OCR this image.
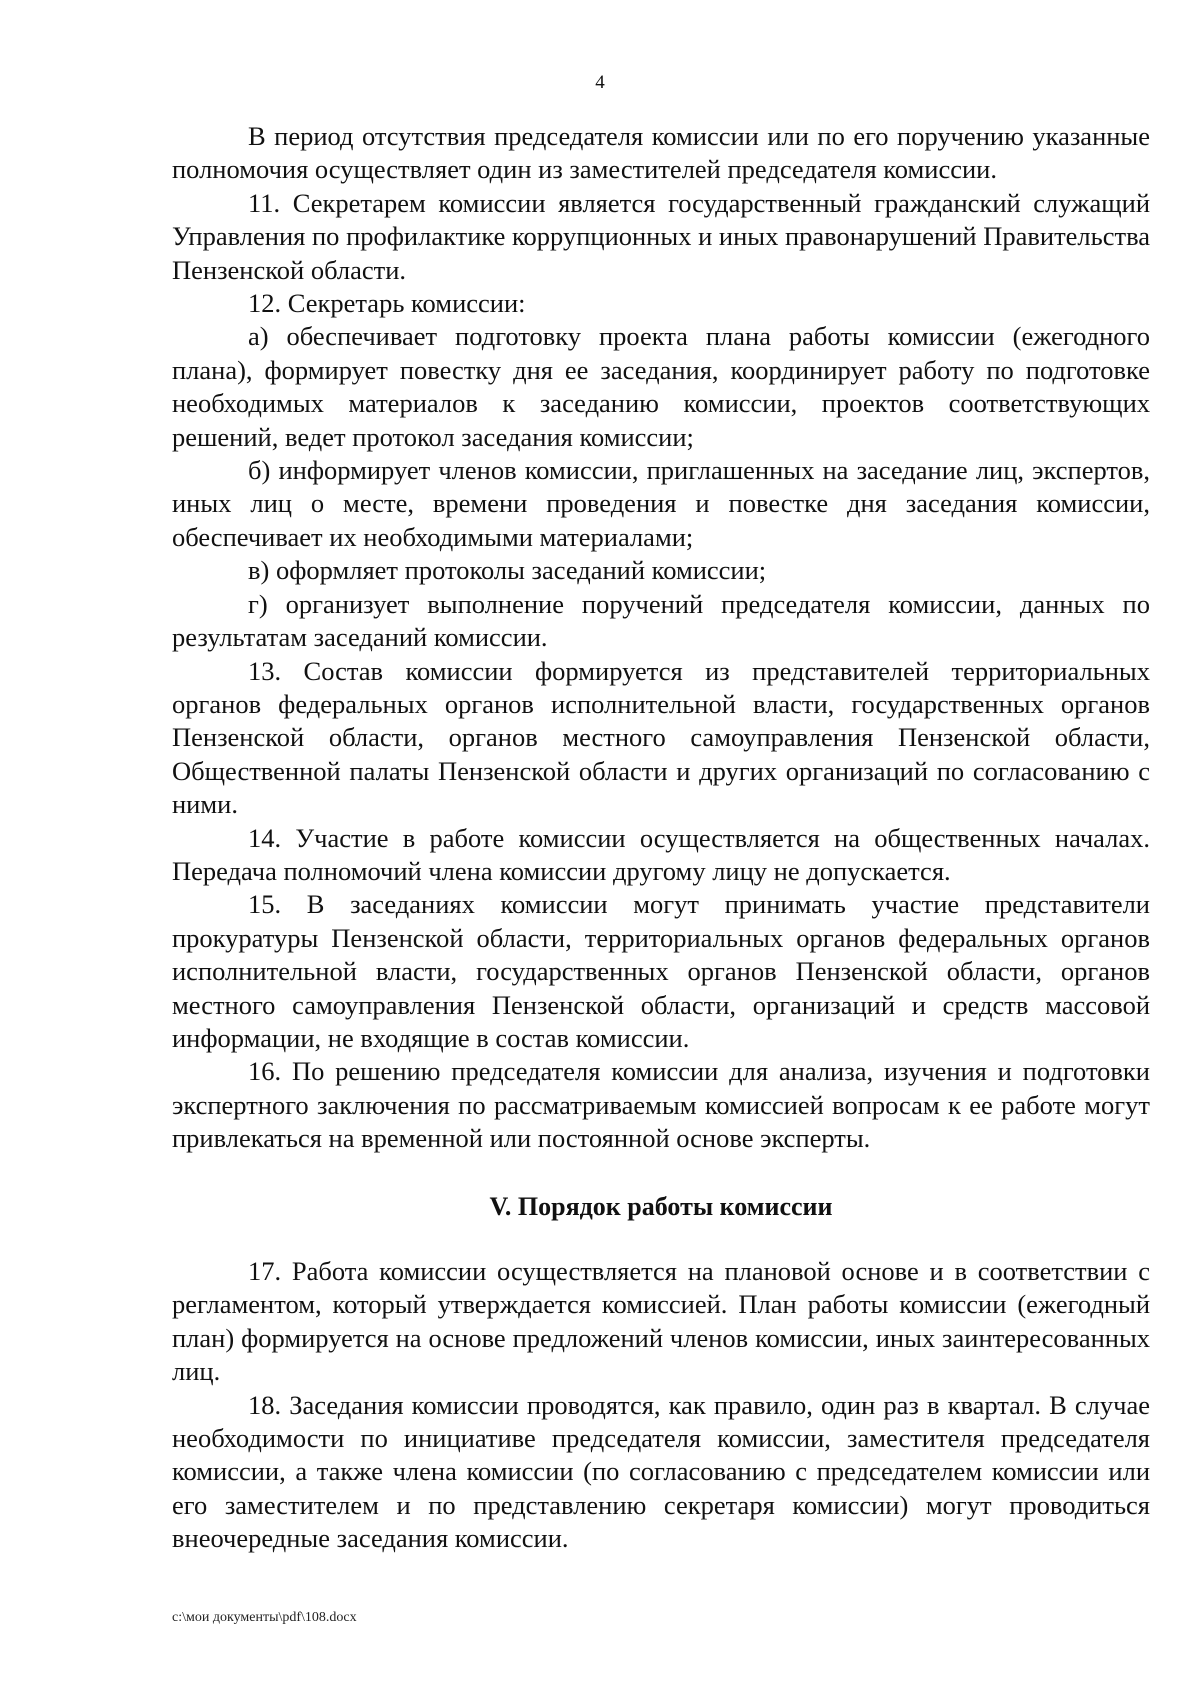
4

В период отсутствия председателя комиссии или по его поручению указанные полномочия осуществляет один из заместителей председателя комиссии.

11. Секретарем комиссии является государственный гражданский служащий Управления по профилактике коррупционных и иных правонарушений Правительства Пензенской области.

12. Секретарь комиссии:

а) обеспечивает подготовку проекта плана работы комиссии (ежегодного плана), формирует повестку дня ее заседания, координирует работу по подготовке необходимых материалов к заседанию комиссии, проектов соответствующих решений, ведет протокол заседания комиссии;

б) информирует членов комиссии, приглашенных на заседание лиц, экспертов, иных лиц о месте, времени проведения и повестке дня заседания комиссии, обеспечивает их необходимыми материалами;

в) оформляет протоколы заседаний комиссии;

г) организует выполнение поручений председателя комиссии, данных по результатам заседаний комиссии.

13. Состав комиссии формируется из представителей территориальных органов федеральных органов исполнительной власти, государственных органов Пензенской области, органов местного самоуправления Пензенской области, Общественной палаты Пензенской области и других организаций по согласованию с ними.

14. Участие в работе комиссии осуществляется на общественных началах. Передача полномочий члена комиссии другому лицу не допускается.

15. В заседаниях комиссии могут принимать участие представители прокуратуры Пензенской области, территориальных органов федеральных органов исполнительной власти, государственных органов Пензенской области, органов местного самоуправления Пензенской области, организаций и средств массовой информации, не входящие в состав комиссии.

16. По решению председателя комиссии для анализа, изучения и подготовки экспертного заключения по рассматриваемым комиссией вопросам к ее работе могут привлекаться на временной или постоянной основе эксперты.

V. Порядок работы комиссии

17. Работа комиссии осуществляется на плановой основе и в соответствии с регламентом, который утверждается комиссией. План работы комиссии (ежегодный план) формируется на основе предложений членов комиссии, иных заинтересованных лиц.

18. Заседания комиссии проводятся, как правило, один раз в квартал. В случае необходимости по инициативе председателя комиссии, заместителя председателя комиссии, а также члена комиссии (по согласованию с председателем комиссии или его заместителем и по представлению секретаря комиссии) могут проводиться внеочередные заседания комиссии.

c:\мои документы\pdf\108.docx
